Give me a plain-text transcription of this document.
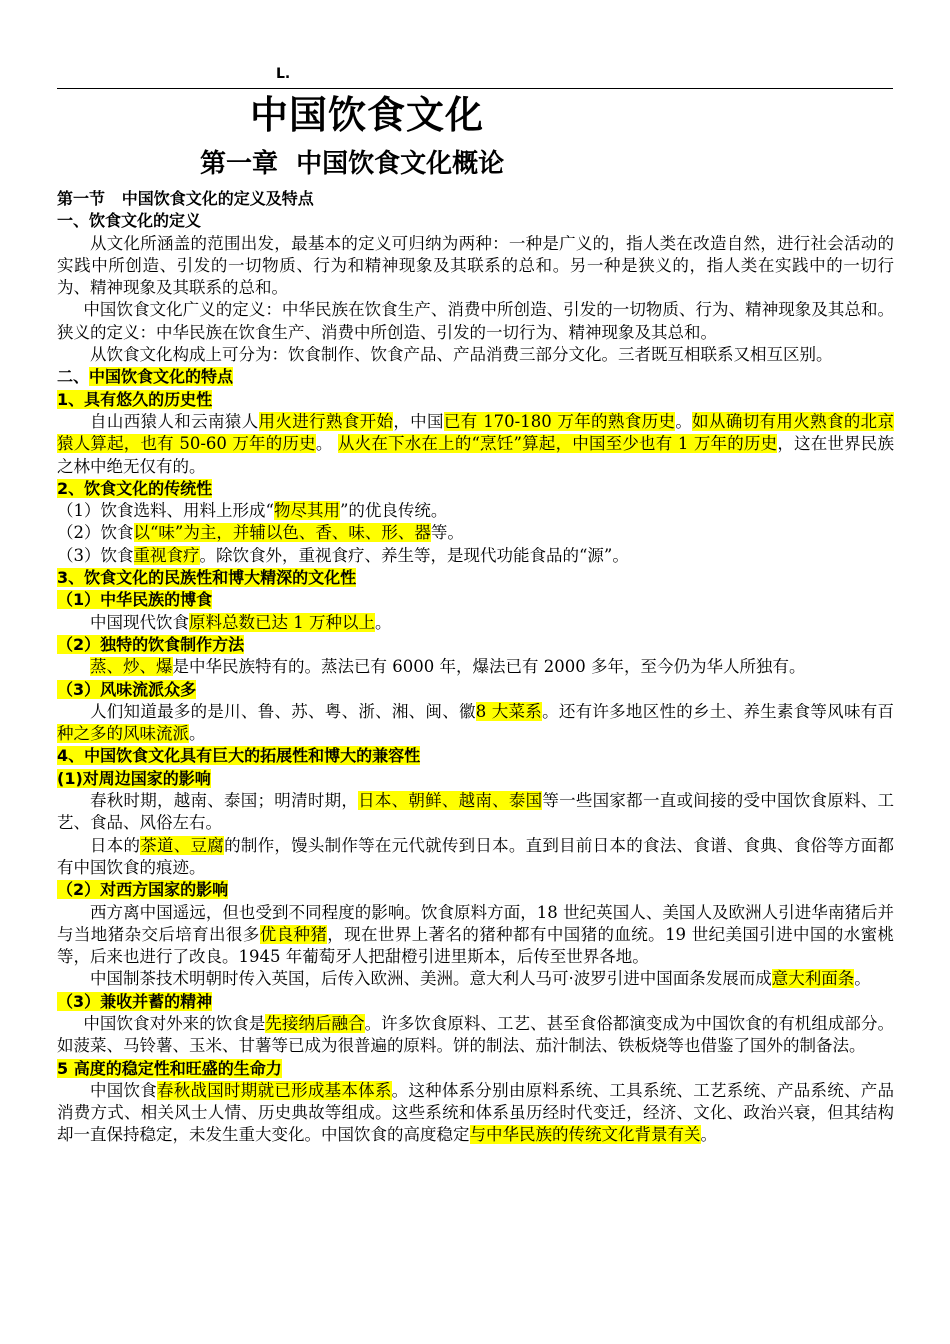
L.
中国饮食文化
第一章  中国饮食文化概论

第一节   中国饮食文化的定义及特点

一、饮食文化的定义

从文化所涵盖的范围出发，最基本的定义可归纳为两种：一种是广义的，指人类在改造自然，进行社会活动的实践中所创造、引发的一切物质、行为和精神现象及其联系的总和。另一种是狭义的，指人类在实践中的一切行为、精神现象及其联系的总和。

中国饮食文化广义的定义：中华民族在饮食生产、消费中所创造、引发的一切物质、行为、精神现象及其总和。狭义的定义：中华民族在饮食生产、消费中所创造、引发的一切行为、精神现象及其总和。

从饮食文化构成上可分为：饮食制作、饮食产品、产品消费三部分文化。三者既互相联系又相互区别。

二、中国饮食文化的特点

1、具有悠久的历史性

自山西猿人和云南猿人用火进行熟食开始，中国已有 170-180 万年的熟食历史。如从确切有用火熟食的北京猿人算起，也有 50-60 万年的历史。 从火在下水在上的“烹饪”算起，中国至少也有 1 万年的历史，这在世界民族之林中绝无仅有的。

2、饮食文化的传统性

（1）饮食选料、用料上形成“物尽其用”的优良传统。

（2）饮食以“味”为主，并辅以色、香、味、形、器等。

（3）饮食重视食疗。除饮食外，重视食疗、养生等，是现代功能食品的“源”。

3、饮食文化的民族性和博大精深的文化性

（1）中华民族的博食

中国现代饮食原料总数已达 1 万种以上。

（2）独特的饮食制作方法

蒸、炒、爆是中华民族特有的。蒸法已有 6000 年，爆法已有 2000 多年，至今仍为华人所独有。

（3）风味流派众多

人们知道最多的是川、鲁、苏、粤、浙、湘、闽、徽8 大菜系。还有许多地区性的乡土、养生素食等风味有百种之多的风味流派。

4、中国饮食文化具有巨大的拓展性和博大的兼容性

(1)对周边国家的影响

春秋时期，越南、泰国；明清时期，日本、朝鲜、越南、泰国等一些国家都一直或间接的受中国饮食原料、工艺、食品、风俗左右。

日本的茶道、豆腐的制作，馒头制作等在元代就传到日本。直到目前日本的食法、食谱、食典、食俗等方面都有中国饮食的痕迹。

（2）对西方国家的影响

西方离中国遥远，但也受到不同程度的影响。饮食原料方面，18 世纪英国人、美国人及欧洲人引进华南猪后并与当地猪杂交后培育出很多优良种猪，现在世界上著名的猪种都有中国猪的血统。19 世纪美国引进中国的水蜜桃等，后来也进行了改良。1945 年葡萄牙人把甜橙引进里斯本，后传至世界各地。

中国制茶技术明朝时传入英国，后传入欧洲、美洲。意大利人马可·波罗引进中国面条发展而成意大利面条。

（3）兼收并蓄的精神

中国饮食对外来的饮食是先接纳后融合。许多饮食原料、工艺、甚至食俗都演变成为中国饮食的有机组成部分。如菠菜、马铃薯、玉米、甘薯等已成为很普遍的原料。饼的制法、茄汁制法、铁板烧等也借鉴了国外的制备法。

5 高度的稳定性和旺盛的生命力

中国饮食春秋战国时期就已形成基本体系。这种体系分别由原料系统、工具系统、工艺系统、产品系统、产品消费方式、相关风士人情、历史典故等组成。这些系统和体系虽历经时代变迁，经济、文化、政治兴衰，但其结构却一直保持稳定，未发生重大变化。中国饮食的高度稳定与中华民族的传统文化背景有关。
